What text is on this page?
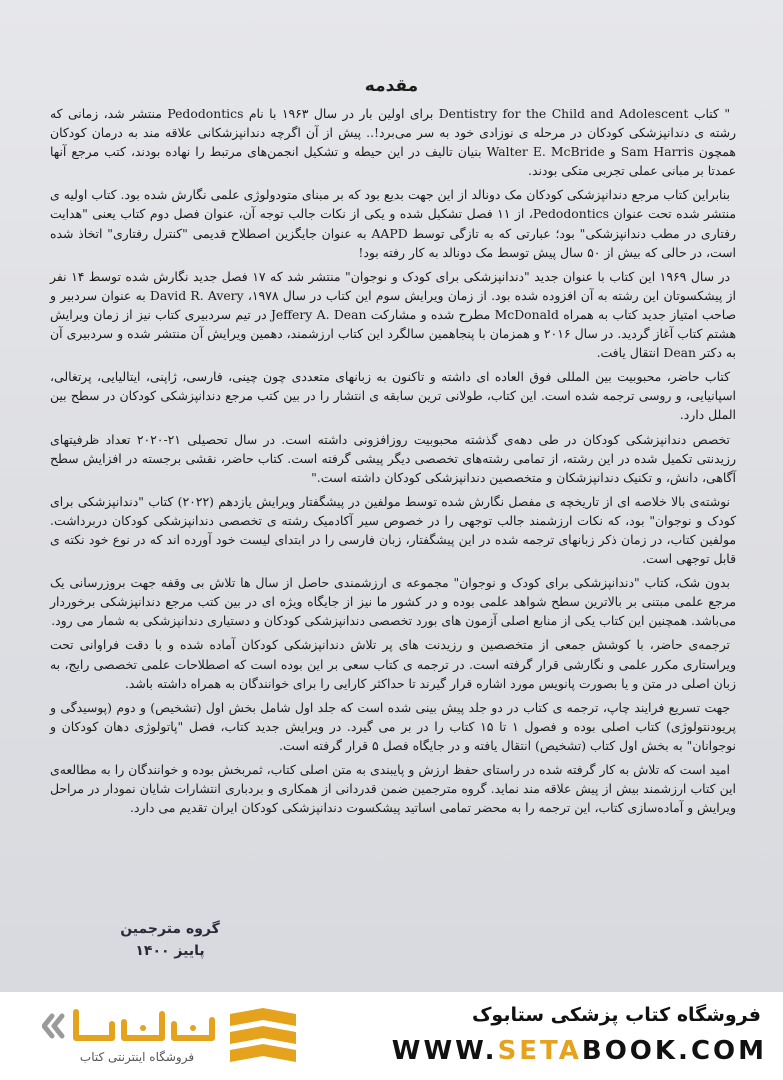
مقدمه

" کتاب Dentistry for the Child and Adolescent برای اولین بار در سال ۱۹۶۳ با نام Pedodontics منتشر شد، زمانی که رشته ی دندانپزشکی کودکان در مرحله ی نوزادی خود به سر می‌برد!.. پیش از آن اگرچه دندانپزشکانی علاقه مند به درمان کودکان همچون Sam Harris و Walter E. McBride بنیان تالیف در این حیطه و تشکیل انجمن‌های مرتبط را نهاده بودند، کتب مرجع آنها عمدتا بر مبانی عملی تجربی متکی بودند.

بنابراین کتاب مرجع دندانپزشکی کودکان مک دونالد از این جهت بدیع بود که بر مبنای متودولوژی علمی نگارش شده بود. کتاب اولیه ی منتشر شده تحت عنوان Pedodontics، از ۱۱ فصل تشکیل شده و یکی از نکات جالب توجه آن، عنوان فصل دوم کتاب یعنی "هدایت رفتاری در مطب دندانپزشکی" بود؛ عبارتی که به تازگی توسط AAPD به عنوان جایگزین اصطلاح قدیمی "کنترل رفتاری" اتخاذ شده است، در حالی که بیش از ۵۰ سال پیش توسط مک دونالد به کار رفته بود!

در سال ۱۹۶۹ این کتاب با عنوان جدید "دندانپزشکی برای کودک و نوجوان" منتشر شد که ۱۷ فصل جدید نگارش شده توسط ۱۴ نفر از پیشکسوتان این رشته به آن افزوده شده بود. از زمان ویرایش سوم این کتاب در سال ۱۹۷۸، David R. Avery به عنوان سردبیر و صاحب امتیاز جدید کتاب به همراه McDonald مطرح شده و مشارکت Jeffery A. Dean در تیم سردبیری کتاب نیز از زمان ویرایش هشتم کتاب آغاز گردید. در سال ۲۰۱۶ و همزمان با پنجاهمین سالگرد این کتاب ارزشمند، دهمین ویرایش آن منتشر شده و سردبیری آن به دکتر Dean انتقال یافت.

کتاب حاضر، محبوبیت بین المللی فوق العاده ای داشته و تاکنون به زبانهای متعددی چون چینی، فارسی، ژاپنی، ایتالیایی، پرتغالی، اسپانیایی، و روسی ترجمه شده است. این کتاب، طولانی ترین سابقه ی انتشار را در بین کتب مرجع دندانپزشکی کودکان در سطح بین الملل دارد.

تخصص دندانپزشکی کودکان در طی دهه‌ی گذشته محبوبیت روزافزونی داشته است. در سال تحصیلی ۲۱-۲۰۲۰ تعداد ظرفیتهای رزیدنتی تکمیل شده در این رشته، از تمامی رشته‌های تخصصی دیگر پیشی گرفته است. کتاب حاضر، نقشی برجسته در افزایش سطح آگاهی، دانش، و تکنیک دندانپزشکان و متخصصین دندانپزشکی کودکان داشته است."

نوشته‌ی بالا خلاصه ای از تاریخچه ی مفصل نگارش شده توسط مولفین در پیشگفتار ویرایش یازدهم (۲۰۲۲) کتاب "دندانپزشکی برای کودک و نوجوان" بود، که نکات ارزشمند جالب توجهی را در خصوص سیر آکادمیک رشته ی تخصصی دندانپزشکی کودکان دربرداشت. مولفین کتاب، در زمان ذکر زبانهای ترجمه شده در این پیشگفتار، زبان فارسی را در ابتدای لیست خود آورده اند که در نوع خود نکته ی قابل توجهی است.

بدون شک، کتاب "دندانپزشکی برای کودک و نوجوان" مجموعه ی ارزشمندی حاصل از سال ها تلاش بی وقفه جهت بروزرسانی یک مرجع علمی مبتنی بر بالاترین سطح شواهد علمی بوده و در کشور ما نیز از جایگاه ویژه ای در بین کتب مرجع دندانپزشکی برخوردار می‌باشد. همچنین این کتاب یکی از منابع اصلی آزمون های بورد تخصصی دندانپزشکی کودکان و دستیاری دندانپزشکی به شمار می رود.

ترجمه‌ی حاضر، با کوشش جمعی از متخصصین و رزیدنت های پر تلاش دندانپزشکی کودکان آماده شده و با دقت فراوانی تحت ویراستاری مکرر علمی و نگارشی قرار گرفته است. در ترجمه ی کتاب سعی بر این بوده است که اصطلاحات علمی تخصصی رایج، به زبان اصلی در متن و یا بصورت پانویس مورد اشاره قرار گیرند تا حداکثر کارایی را برای خوانندگان به همراه داشته باشد.

جهت تسریع فرایند چاپ، ترجمه ی کتاب در دو جلد پیش بینی شده است که جلد اول شامل بخش اول (تشخیص) و دوم (پوسیدگی و پریودنتولوژی) کتاب اصلی بوده و فصول ۱ تا ۱۵ کتاب را در بر می گیرد. در ویرایش جدید کتاب، فصل "پاتولوژی دهان کودکان و نوجوانان" به بخش اول کتاب (تشخیص) انتقال یافته و در جایگاه فصل ۵ قرار گرفته است.

امید است که تلاش به کار گرفته شده در راستای حفظ ارزش و پایبندی به متن اصلی کتاب، ثمربخش بوده و خوانندگان را به مطالعه‌ی این کتاب ارزشمند بیش از پیش علاقه مند نماید. گروه مترجمین ضمن قدردانی از همکاری و بردباری انتشارات شایان نمودار در مراحل ویرایش و آماده‌سازی کتاب، این ترجمه را به محضر تمامی اساتید پیشکسوت دندانپزشکی کودکان ایران تقدیم می دارد.

گروه مترجمین
پاییز ۱۴۰۰
فروشگاه کتاب پزشکی ستابوک
WWW.SETABOOK.COM
فروشگاه اینترنتی کتاب
